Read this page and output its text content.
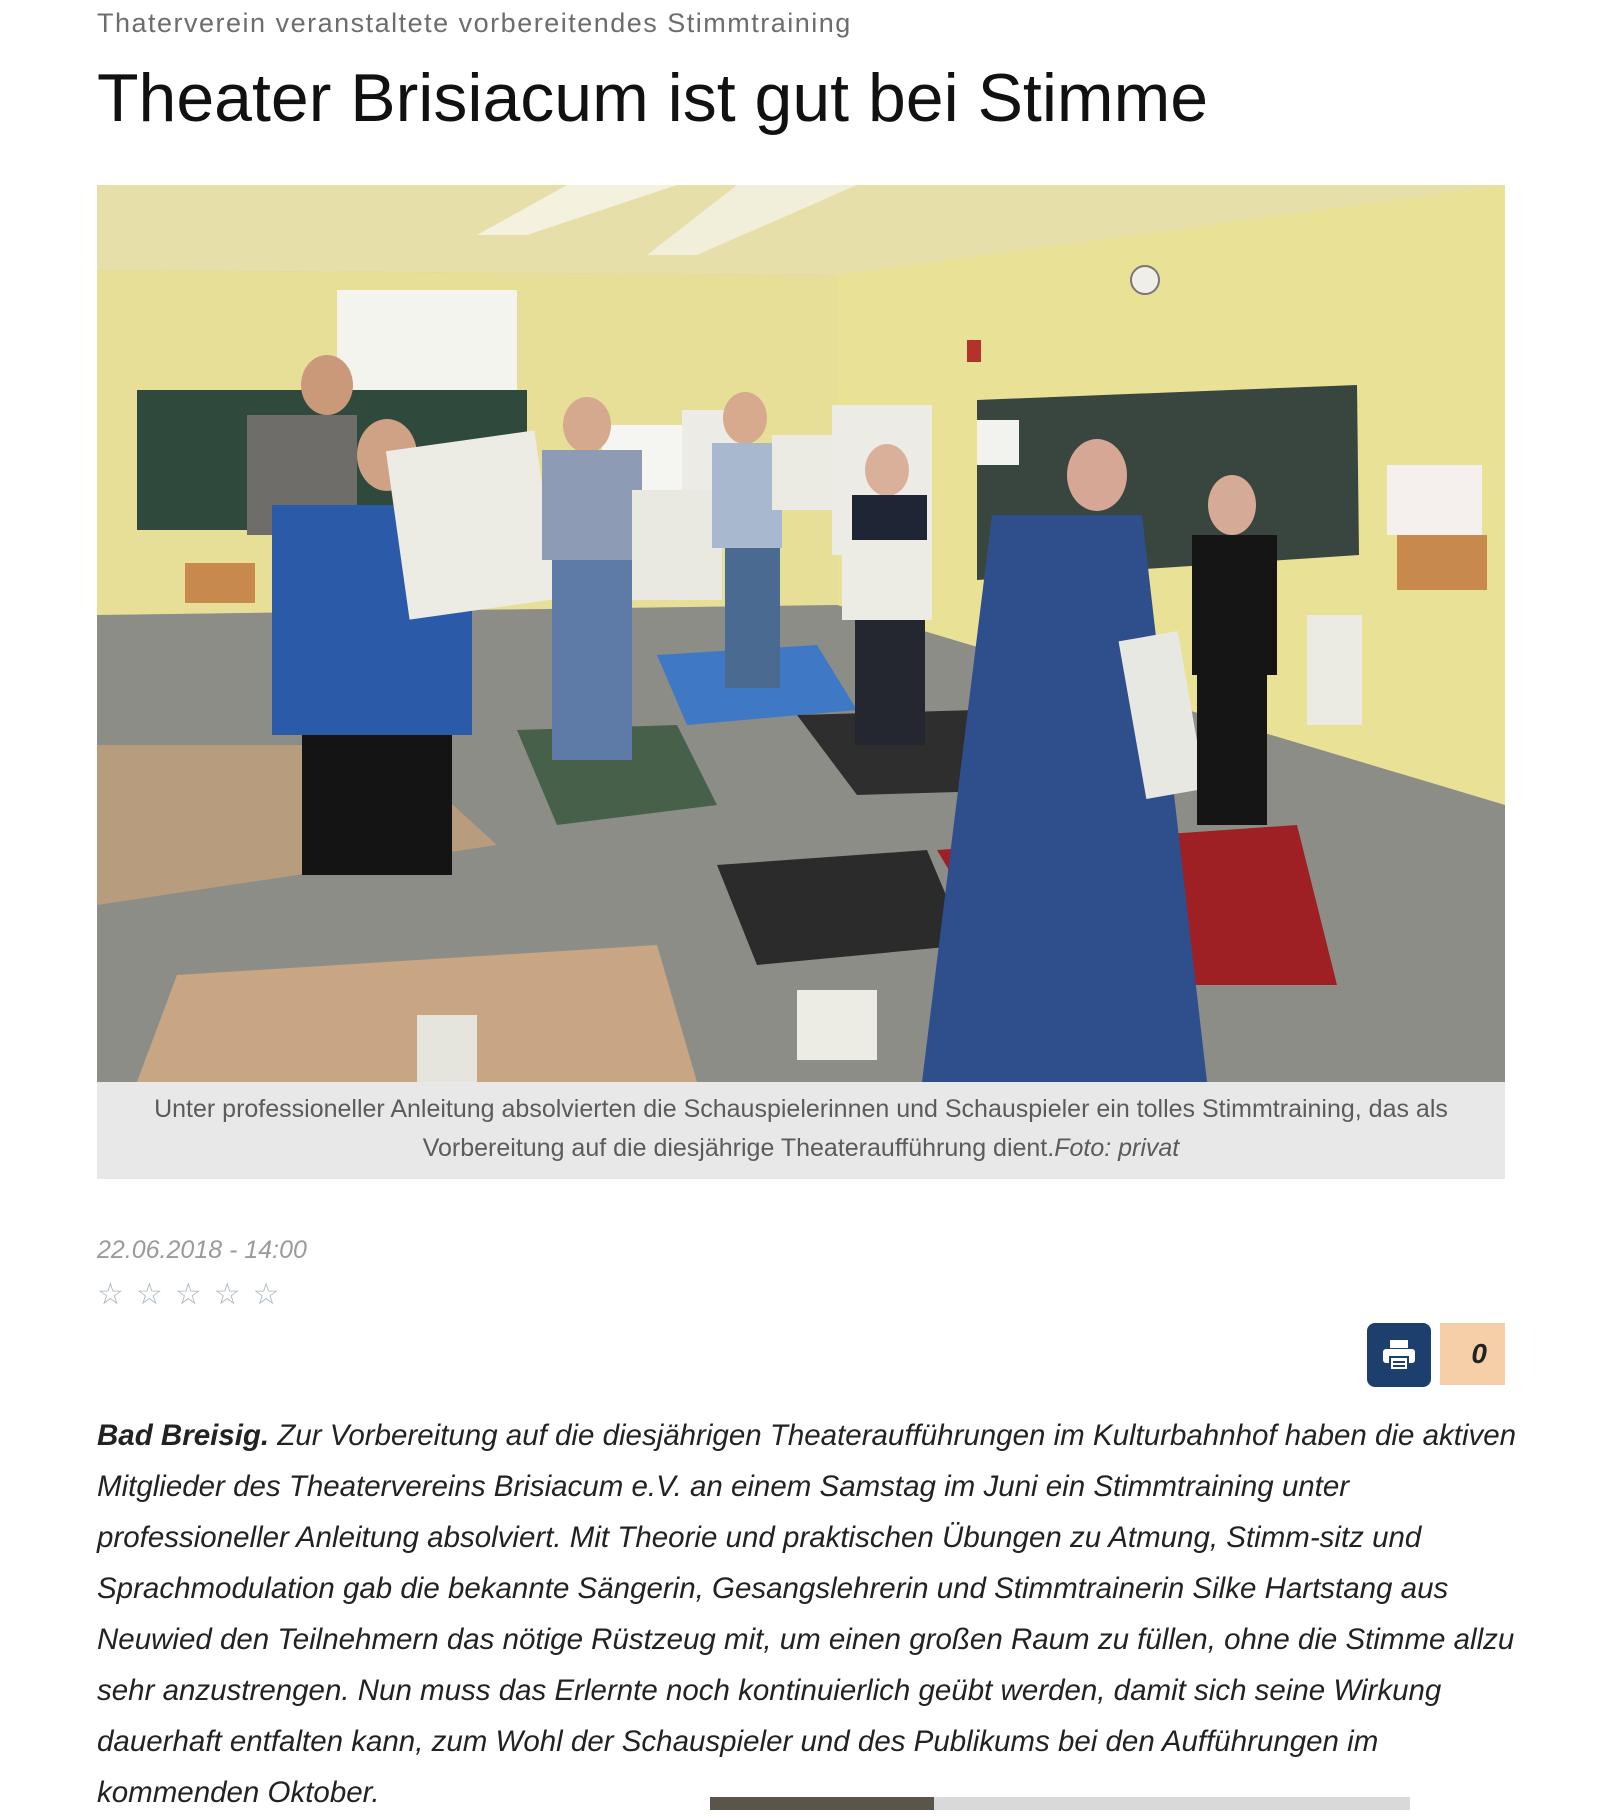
Thaterverein veranstaltete vorbereitendes Stimmtraining
Theater Brisiacum ist gut bei Stimme
Unter professioneller Anleitung absolvierten die Schauspielerinnen und Schauspieler ein tolles Stimmtraining, das als Vorbereitung auf die diesjährige Theateraufführung dient.Foto: privat
22.06.2018 - 14:00
☆ ☆ ☆ ☆ ☆
0

Bad Breisig. Zur Vorbereitung auf die diesjährigen Theateraufführungen im Kulturbahnhof haben die aktiven Mitglieder des Theatervereins Brisiacum e.V. an einem Samstag im Juni ein Stimmtraining unter professioneller Anleitung absolviert. Mit Theorie und praktischen Übungen zu Atmung, Stimm-sitz und Sprachmodulation gab die bekannte Sängerin, Gesangslehrerin und Stimmtrainerin Silke Hartstang aus Neuwied den Teilnehmern das nötige Rüstzeug mit, um einen großen Raum zu füllen, ohne die Stimme allzu sehr anzustrengen. Nun muss das Erlernte noch kontinuierlich geübt werden, damit sich seine Wirkung dauerhaft entfalten kann, zum Wohl der Schauspieler und des Publikums bei den Aufführungen im kommenden Oktober.
